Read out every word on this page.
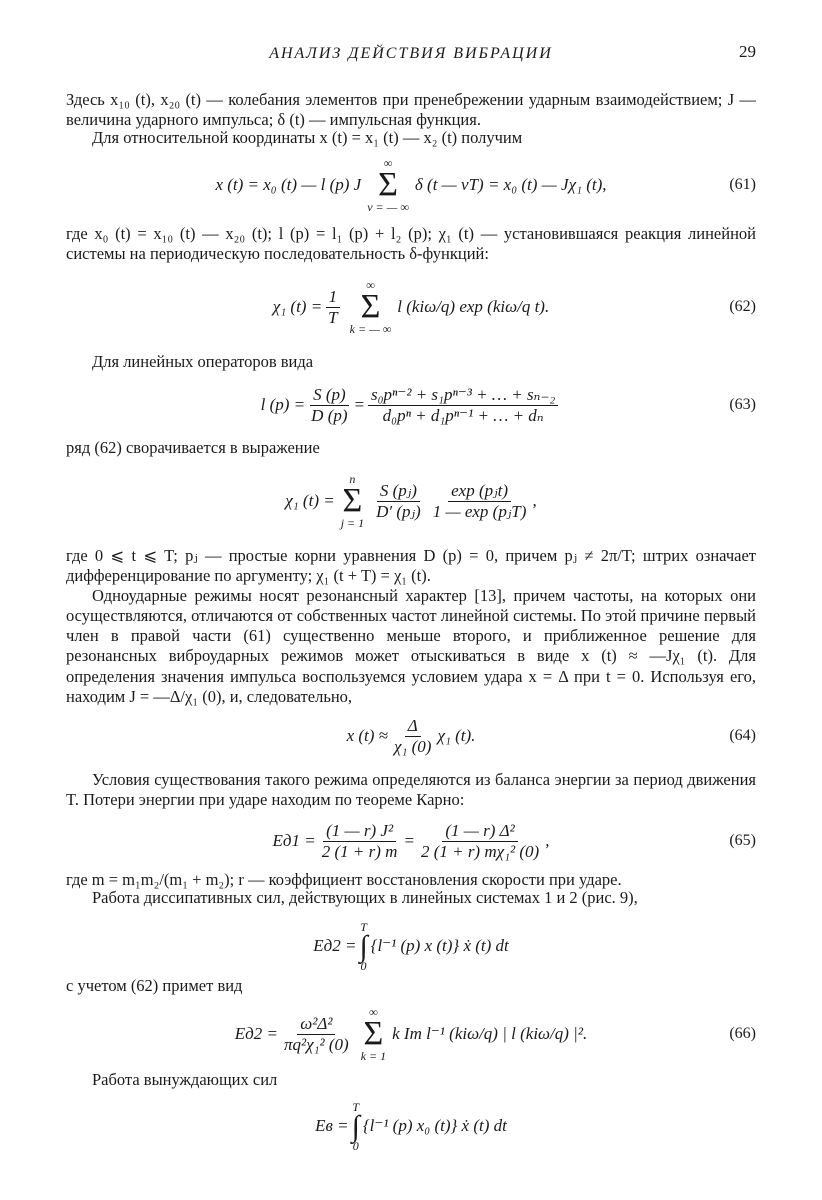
АНАЛИЗ ДЕЙСТВИЯ ВИБРАЦИИ	29

Здесь x₁₀ (t), x₂₀ (t) — колебания элементов при пренебрежении ударным взаимодействием; J — величина ударного импульса; δ (t) — импульсная функция.

Для относительной координаты x (t) = x₁ (t) — x₂ (t) получим

x (t) = x₀ (t) — l (p) J
∞
Σ
ν = — ∞
δ (t — νT) = x₀ (t) — Jχ₁ (t),	(61)

где x₀ (t) = x₁₀ (t) — x₂₀ (t); l (p) = l₁ (p) + l₂ (p); χ₁ (t) — установившаяся реакция линейной системы на периодическую последовательность δ-функций:

χ₁ $(t) = \frac{1}{T}$
∞
Σ
k = — ∞
l (kiω/q) exp (kiω/q t).	(62)

Для линейных операторов вида

l $(p) = \frac{S (p)}{D (p)} = \frac{\text{s₀pⁿ⁻² + s₁pⁿ⁻³ + … + sₙ₋₂}}{\text{d₀pⁿ + d₁pⁿ⁻¹ + … + dₙ}}$	(63)

ряд (62) сворачивается в выражение

χ₁ (t) =
n
Σ
j = 1
$\frac{\text{S (pⱼ)}}{\text{D′ (pⱼ)}} \frac{\text{exp (pⱼt)}}{\text{1 — exp (pⱼT)}}$ ,

где 0 ⩽ t ⩽ T; pⱼ — простые корни уравнения D (p) = 0, причем pⱼ ≠ 2π/T; штрих означает дифференцирование по аргументу; χ₁ (t + T) = χ₁ (t).

Одноударные режимы носят резонансный характер [13], причем частоты, на которых они осуществляются, отличаются от собственных частот линейной системы. По этой причине первый член в правой части (61) существенно меньше второго, и приближенное решение для резонансных виброударных режимов может отыскиваться в виде x (t) ≈ —Jχ₁ (t). Для определения значения импульса воспользуемся условием удара x = Δ при t = 0. Используя его, находим J = —Δ/χ₁ (0), и, следовательно,

x $(t) \approx \frac{\Delta}{\text{χ₁ (0)}} \chi_1$ (t).	(64)

Условия существования такого режима определяются из баланса энергии за период движения T. Потери энергии при ударе находим по теореме Карно:

$Eд1 = \frac{\text{(1 — r) J²}}{2 (1 + r) m} = \frac{\text{(1 — r) Δ²}}{\text{2 (1 + r) mχ₁² (0)}}$ ,	(65)

где m = m₁m₂/(m₁ + m₂); r — коэффициент восстановления скорости при ударе.

Работа диссипативных сил, действующих в линейных системах 1 и 2 (рис. 9),

Eд2 =
T
∫
0
{l⁻¹ (p) x (t)} ẋ (t) dt

с учетом (62) примет вид

$Eд2 = \frac{\text{ω²Δ²}}{\text{πq²χ₁² (0)}}$
∞
Σ
k = 1
k Im l⁻¹ (kiω/q) | l (kiω/q) |².	(66)

Работа вынуждающих сил

Eв =
T
∫
0
{l⁻¹ (p) x₀ (t)} ẋ (t) dt
